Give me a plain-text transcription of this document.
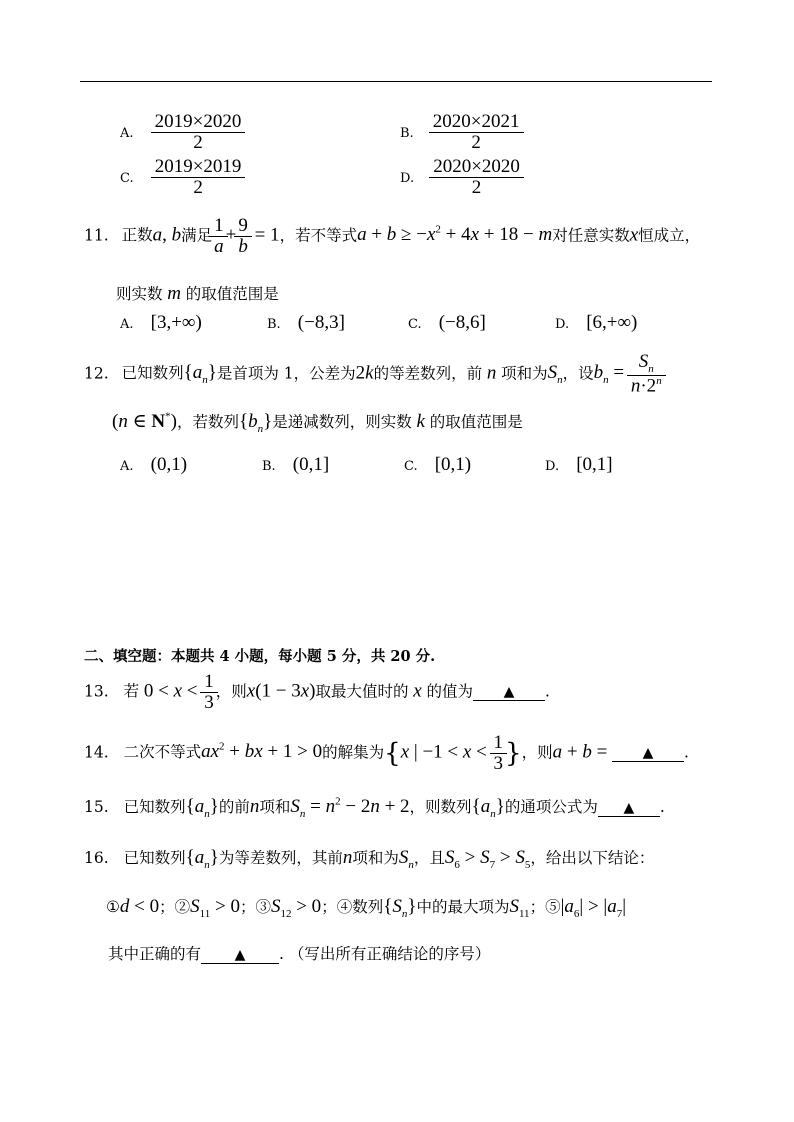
A. $\frac{2019\times 2020}{2}$	B. $\frac{2020\times 2021}{2}$
C. $\frac{2019\times 2019}{2}$	D. $\frac{2020\times 2020}{2}$
11. 正数a, b满足 $\frac{1}{a} + \frac{9}{b} = 1$，若不等式$a + b \ge -x^2 + 4x + 18 - m$对任意实数x恒成立，
则实数 m 的取值范围是
A. [3,+∞)	B. (−8,3]	C. (−8,6]	D. [6,+∞)
12. 已知数列$\{a_n\}$是首项为 1，公差为2k的等差数列，前 n 项和为$S_n$，设$b_n = \frac{S_n}{n\cdot 2^n}$
(n ∈ N*)，若数列$\{b_n\}$是递减数列，则实数 k 的取值范围是
A. (0,1)	B. (0,1]	C. [0,1)	D. [0,1]
二、填空题：本题共 4 小题，每小题 5 分，共 20 分.
13. 若 $0 < x < \frac{1}{3}$ ，则x(1 − 3x)取最大值时的 x 的值为 ▲ .
14. 二次不等式$ax^2$ + bx + 1 > 0的解集为{x | $-1 < x < \frac{1}{3}$ }，则a + b = ▲ .
15. 已知数列$\{a_n\}$的前n项和$S_n = n^2 - 2n + 2$，则数列$\{a_n\}$的通项公式为 ▲ .
16. 已知数列$\{a_n\}$为等差数列，其前n项和为$S_n$，且$S_6 > S_7 > S_5$，给出以下结论：
①d < 0；$②S_{11} > 0$；$③S_{12} > 0$；④数列$\{S_n\}$中的最大项为$S_{11}$；$⑤|a_6| > |a_7|$
其中正确的有 ▲ . （写出所有正确结论的序号）
